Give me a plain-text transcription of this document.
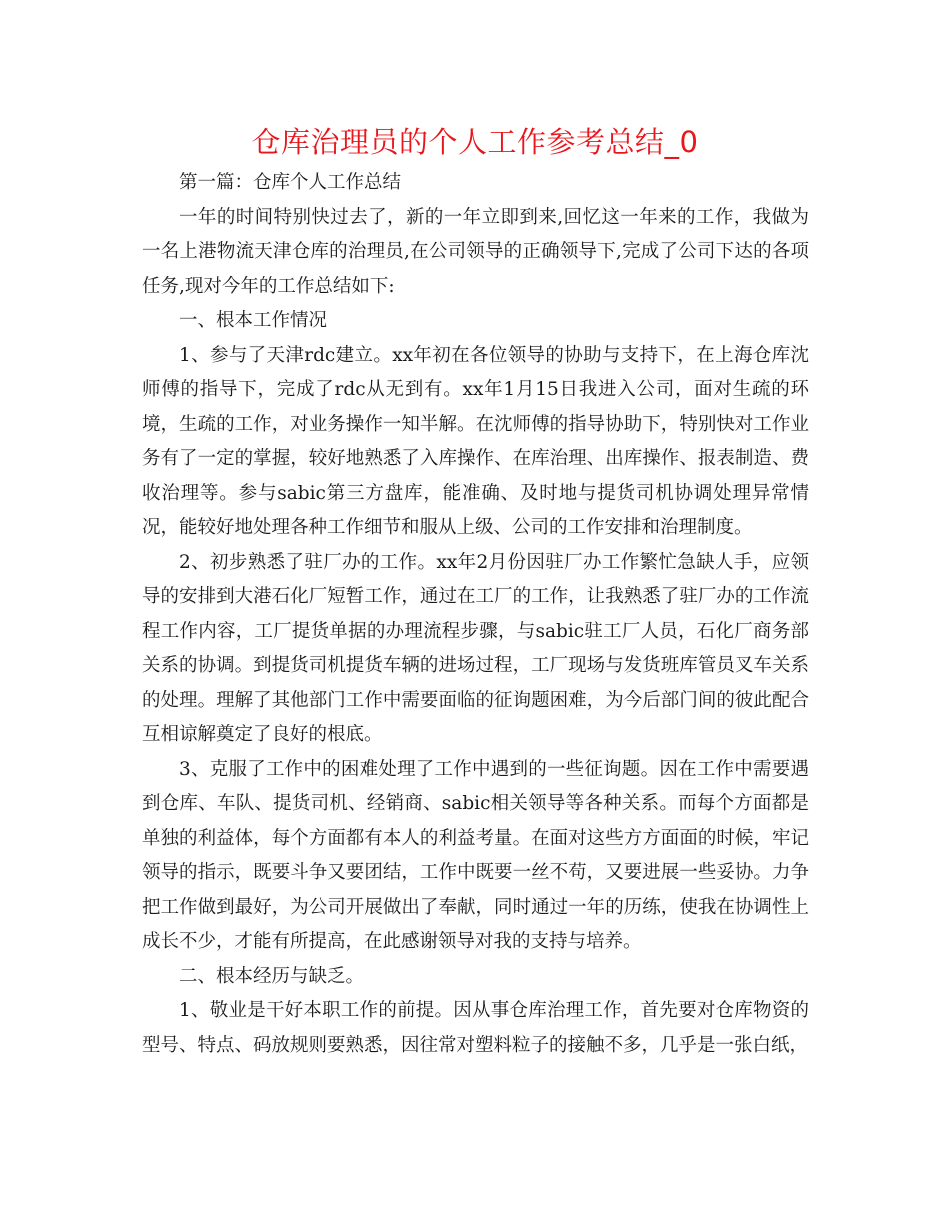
仓库治理员的个人工作参考总结_0

第一篇：仓库个人工作总结

一年的时间特别快过去了，新的一年立即到来,回忆这一年来的工作，我做为一名上港物流天津仓库的治理员,在公司领导的正确领导下,完成了公司下达的各项任务,现对今年的工作总结如下:

一、根本工作情况

1、参与了天津rdc建立。xx年初在各位领导的协助与支持下，在上海仓库沈师傅的指导下，完成了rdc从无到有。xx年1月15日我进入公司，面对生疏的环境，生疏的工作，对业务操作一知半解。在沈师傅的指导协助下，特别快对工作业务有了一定的掌握，较好地熟悉了入库操作、在库治理、出库操作、报表制造、费收治理等。参与sabic第三方盘库，能准确、及时地与提货司机协调处理异常情况，能较好地处理各种工作细节和服从上级、公司的工作安排和治理制度。

2、初步熟悉了驻厂办的工作。xx年2月份因驻厂办工作繁忙急缺人手，应领导的安排到大港石化厂短暂工作，通过在工厂的工作，让我熟悉了驻厂办的工作流程工作内容，工厂提货单据的办理流程步骤，与sabic驻工厂人员，石化厂商务部关系的协调。到提货司机提货车辆的进场过程，工厂现场与发货班库管员叉车关系的处理。理解了其他部门工作中需要面临的征询题困难，为今后部门间的彼此配合互相谅解奠定了良好的根底。

3、克服了工作中的困难处理了工作中遇到的一些征询题。因在工作中需要遇到仓库、车队、提货司机、经销商、sabic相关领导等各种关系。而每个方面都是单独的利益体，每个方面都有本人的利益考量。在面对这些方方面面的时候，牢记领导的指示，既要斗争又要团结，工作中既要一丝不苟，又要进展一些妥协。力争把工作做到最好，为公司开展做出了奉献，同时通过一年的历练，使我在协调性上成长不少，才能有所提高，在此感谢领导对我的支持与培养。

二、根本经历与缺乏。

1、敬业是干好本职工作的前提。因从事仓库治理工作，首先要对仓库物资的型号、特点、码放规则要熟悉，因往常对塑料粒子的接触不多，几乎是一张白纸，
